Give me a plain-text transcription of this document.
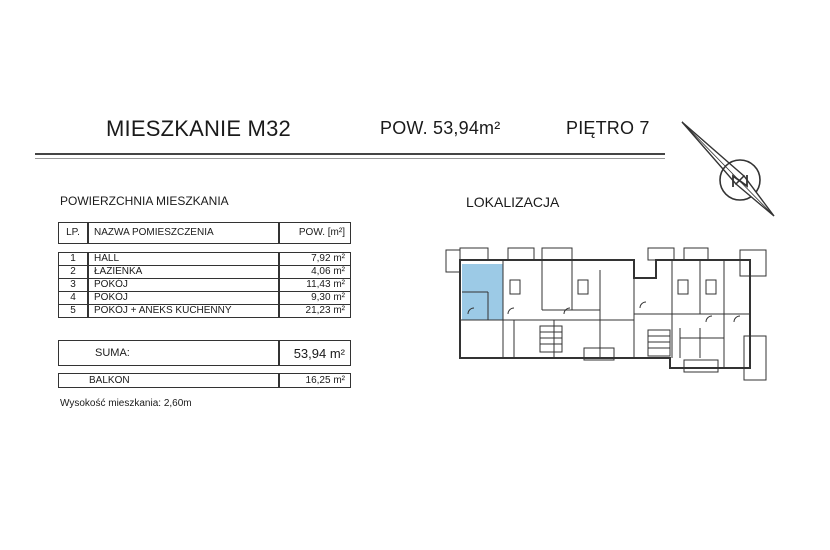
MIESZKANIE M32	POW. 53,94m²	PIĘTRO 7
POWIERZCHNIA MIESZKANIA	LOKALIZACJA
LP.	NAZWA POMIESZCZENIA	POW. [m²]
1	HALL	7,92 m²
2	ŁAZIENKA	4,06 m²
3	POKÓJ	11,43 m²
4	POKÓJ	9,30 m²
5	POKÓJ + ANEKS KUCHENNY	21,23 m²
SUMA:	53,94 m²
BALKON	16,25 m²
Wysokość mieszkania: 2,60m
